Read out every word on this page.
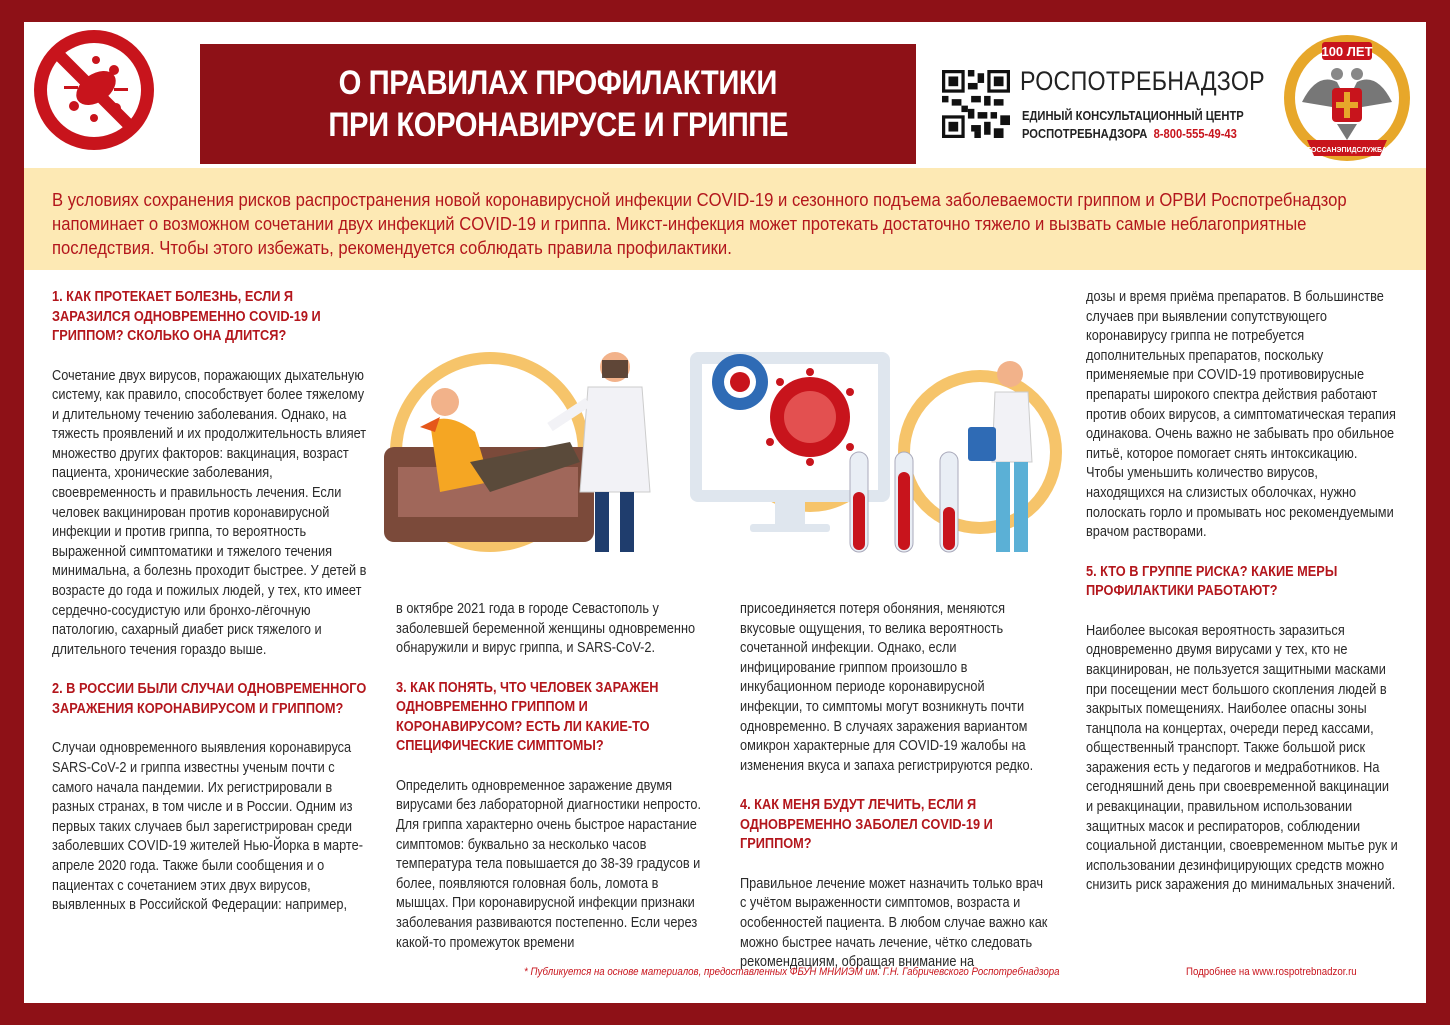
О ПРАВИЛАХ ПРОФИЛАКТИКИ
ПРИ КОРОНАВИРУСЕ И ГРИППЕ
РОСПОТРЕБНАДЗОР
ЕДИНЫЙ КОНСУЛЬТАЦИОННЫЙ ЦЕНТР
РОСПОТРЕБНАДЗОРА 8-800-555-49-43
100 ЛЕТ
ГОССАНЭПИДСЛУЖБА

В условиях сохранения рисков распространения новой коронавирусной инфекции COVID-19 и сезонного подъема заболеваемости гриппом и ОРВИ Роспотребнадзор напоминает о возможном сочетании двух инфекций COVID-19 и гриппа. Микст-инфекция может протекать достаточно тяжело и вызвать самые неблагоприятные последствия. Чтобы этого избежать, рекомендуется соблюдать правила профилактики.

1. КАК ПРОТЕКАЕТ БОЛЕЗНЬ, ЕСЛИ Я ЗАРАЗИЛСЯ ОДНОВРЕМЕННО COVID-19 И ГРИППОМ? СКОЛЬКО ОНА ДЛИТСЯ?

Сочетание двух вирусов, поражающих дыхательную систему, как правило, способствует более тяжелому и длительному течению заболевания. Однако, на тяжесть проявлений и их продолжительность влияет множество других факторов: вакцинация, возраст пациента, хронические заболевания, своевременность и правильность лечения. Если человек вакцинирован против коронавирусной инфекции и против гриппа, то вероятность выраженной симптоматики и тяжелого течения минимальна, а болезнь проходит быстрее. У детей в возрасте до года и пожилых людей, у тех, кто имеет сердечно-сосудистую или бронхо-лёгочную патологию, сахарный диабет риск тяжелого и длительного течения гораздо выше.

2. В РОССИИ БЫЛИ СЛУЧАИ ОДНОВРЕМЕННОГО ЗАРАЖЕНИЯ КОРОНАВИРУСОМ И ГРИППОМ?

Случаи одновременного выявления коронавируса SARS-CoV-2 и гриппа известны ученым почти с самого начала пандемии. Их регистрировали в разных странах, в том числе и в России. Одним из первых таких случаев был зарегистрирован среди заболевших COVID-19 жителей Нью-Йорка в марте-апреле 2020 года. Также были сообщения и о пациентах с сочетанием этих двух вирусов, выявленных в Российской Федерации: например,

в октябре 2021 года в городе Севастополь у заболевшей беременной женщины одновременно обнаружили и вирус гриппа, и SARS-CoV-2.

3. КАК ПОНЯТЬ, ЧТО ЧЕЛОВЕК ЗАРАЖЕН ОДНОВРЕМЕННО ГРИППОМ И КОРОНАВИРУСОМ? ЕСТЬ ЛИ КАКИЕ-ТО СПЕЦИФИЧЕСКИЕ СИМПТОМЫ?

Определить одновременное заражение двумя вирусами без лабораторной диагностики непросто. Для гриппа характерно очень быстрое нарастание симптомов: буквально за несколько часов температура тела повышается до 38-39 градусов и более, появляются головная боль, ломота в мышцах. При коронавирусной инфекции признаки заболевания развиваются постепенно. Если через какой-то промежуток времени

присоединяется потеря обоняния, меняются вкусовые ощущения, то велика вероятность сочетанной инфекции. Однако, если инфицирование гриппом произошло в инкубационном периоде коронавирусной инфекции, то симптомы могут возникнуть почти одновременно. В случаях заражения вариантом омикрон характерные для COVID-19 жалобы на изменения вкуса и запаха регистрируются редко.

4. КАК МЕНЯ БУДУТ ЛЕЧИТЬ, ЕСЛИ Я ОДНОВРЕМЕННО ЗАБОЛЕЛ COVID-19 И ГРИППОМ?

Правильное лечение может назначить только врач с учётом выраженности симптомов, возраста и особенностей пациента. В любом случае важно как можно быстрее начать лечение, чётко следовать рекомендациям, обращая внимание на

дозы и время приёма препаратов. В большинстве случаев при выявлении сопутствующего коронавирусу гриппа не потребуется дополнительных препаратов, поскольку применяемые при COVID-19 противовирусные препараты широкого спектра действия работают против обоих вирусов, а симптоматическая терапия одинакова. Очень важно не забывать про обильное питьё, которое помогает снять интоксикацию. Чтобы уменьшить количество вирусов, находящихся на слизистых оболочках, нужно полоскать горло и промывать нос рекомендуемыми врачом растворами.

5. КТО В ГРУППЕ РИСКА? КАКИЕ МЕРЫ ПРОФИЛАКТИКИ РАБОТАЮТ?

Наиболее высокая вероятность заразиться одновременно двумя вирусами у тех, кто не вакцинирован, не пользуется защитными масками при посещении мест большого скопления людей в закрытых помещениях. Наиболее опасны зоны танцпола на концертах, очереди перед кассами, общественный транспорт. Также большой риск заражения есть у педагогов и медработников. На сегодняшний день при своевременной вакцинации и ревакцинации, правильном использовании защитных масок и респираторов, соблюдении социальной дистанции, своевременном мытье рук и использовании дезинфицирующих средств можно снизить риск заражения до минимальных значений.

* Публикуется на основе материалов, предоставленных ФБУН МНИИЭМ им. Г.Н. Габричевского Роспотребнадзора	Подробнее на www.rospotrebnadzor.ru
